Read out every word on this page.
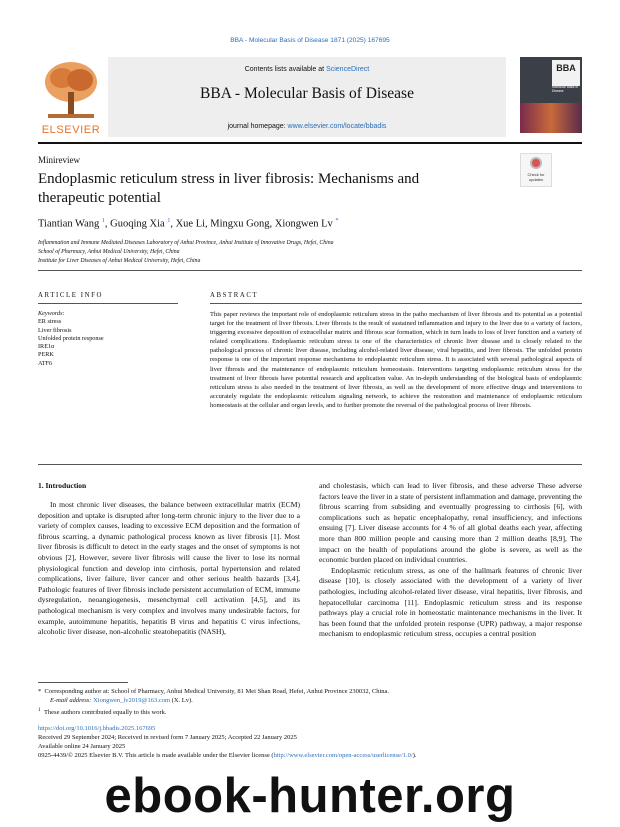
BBA - Molecular Basis of Disease 1871 (2025) 167695
ELSEVIER
Contents lists available at ScienceDirect
BBA - Molecular Basis of Disease
journal homepage: www.elsevier.com/locate/bbadis
BBA
Molecular Basis of Disease
Minireview
Check for updates
Endoplasmic reticulum stress in liver fibrosis: Mechanisms and therapeutic potential
Tiantian Wang $^1$, Guoqing Xia $^1$, Xue Li, Mingxu Gong, Xiongwen Lv *
Inflammation and Immune Mediated Diseases Laboratory of Anhui Province, Anhui Institute of Innovative Drugs, Hefei, China
School of Pharmacy, Anhui Medical University, Hefei, China
Institute for Liver Diseases of Anhui Medical University, Hefei, China
ARTICLE INFO	ABSTRACT
Keywords:
ER stress
Liver fibrosis
Unfolded protein response
IRE1α
PERK
ATF6
This paper reviews the important role of endoplasmic reticulum stress in the patho mechanism of liver fibrosis and its potential as a potential target for the treatment of liver fibrosis. Liver fibrosis is the result of sustained inflammation and injury to the liver due to a variety of factors, triggering excessive deposition of extracellular matrix and fibrous scar formation, which in turn leads to loss of liver function and a variety of related complications. Endoplasmic reticulum stress is one of the characteristics of chronic liver disease and is closely related to the pathological process of chronic liver disease, including alcohol-related liver disease, viral hepatitis, and liver fibrosis. The unfolded protein response is one of the important response mechanisms to endoplasmic reticulum stress. It is associated with several pathological aspects of liver fibrosis and the maintenance of endoplasmic reticulum homeostasis. Interventions targeting endoplasmic reticulum stress for the treatment of liver fibrosis have potential research and application value. An in-depth understanding of the biological basis of endoplasmic reticulum stress is also needed in the treatment of liver fibrosis, as well as the development of more effective drugs and interventions to accurately regulate the endoplasmic reticulum signaling network, to achieve the restoration and maintenance of endoplasmic reticulum homeostasis at the cellular and organ levels, and to further promote the reversal of the pathological process of liver fibrosis.
1. Introduction

In most chronic liver diseases, the balance between extracellular matrix (ECM) deposition and uptake is disrupted after long-term chronic injury to the liver due to a variety of complex causes, leading to excessive ECM deposition and the formation of fibrous scarring, a dynamic pathological process known as liver fibrosis [1]. Most liver fibrosis is difficult to detect in the early stages and the onset of symptoms is not obvious [2], However, severe liver fibrosis will cause the liver to lose its normal physiological function and develop into cirrhosis, portal hypertension and related complications, liver failure, liver cancer and other serious health hazards [3,4], Pathologic features of liver fibrosis include persistent accumulation of ECM, immune dysregulation, neoangiogenesis, mesenchymal cell activation [4,5], and its pathological mechanism is very complex and involves many undesirable factors, for example, autoimmune hepatitis, hepatitis B virus and hepatitis C virus infections, alcoholic liver disease, non-alcoholic steatohepatitis (NASH),

and cholestasis, which can lead to liver fibrosis, and these adverse These adverse factors leave the liver in a state of persistent inflammation and damage, preventing the fibrous scarring from subsiding and eventually progressing to cirrhosis [6], with complications such as hepatic encephalopathy, renal insufficiency, and infections ensuing [7]. Liver disease accounts for 4 % of all global deaths each year, affecting more than 800 million people and causing more than 2 million deaths [8,9], The impact on the health of populations around the globe is severe, as well as the economic burden placed on individual countries.

Endoplasmic reticulum stress, as one of the hallmark features of chronic liver disease [10], is closely associated with the development of a variety of liver pathologies, including alcohol-related liver disease, viral hepatitis, liver fibrosis, and hepatocellular carcinoma [11]. Endoplasmic reticulum stress and its response pathways play a crucial role in homeostatic maintenance mechanisms in the liver. It has been found that the unfolded protein response (UPR) pathway, a major response mechanism to endoplasmic reticulum stress, occupies a central position

* Corresponding author at: School of Pharmacy, Anhui Medical University, 81 Mei Shan Road, Hefei, Anhui Province 230032, China.
E-mail address: Xiongwen_lv2019@163.com (X. Lv).
$^1$ These authors contributed equally to this work.
https://doi.org/10.1016/j.bbadis.2025.167695
Received 29 September 2024; Received in revised form 7 January 2025; Accepted 22 January 2025
Available online 24 January 2025
0925-4439/© 2025 Elsevier B.V. This article is made available under the Elsevier license (http://www.elsevier.com/open-access/userlicense/1.0/).
ebook-hunter.org
